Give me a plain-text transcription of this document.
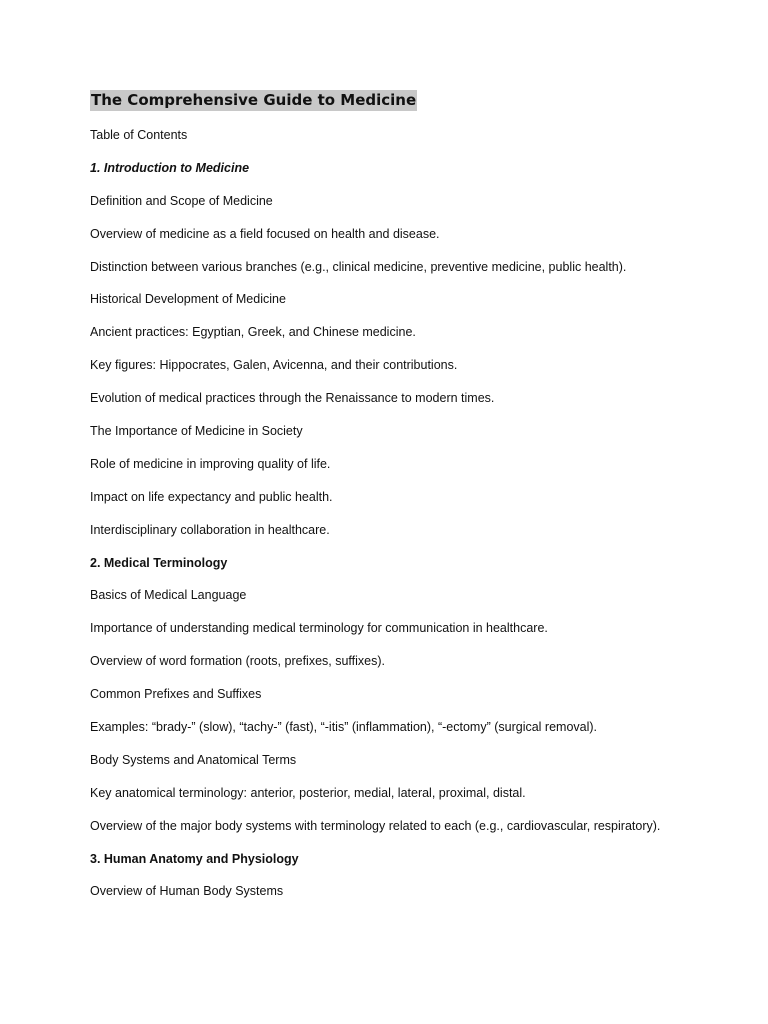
The Comprehensive Guide to Medicine
Table of Contents
1. Introduction to Medicine
Definition and Scope of Medicine
Overview of medicine as a field focused on health and disease.
Distinction between various branches (e.g., clinical medicine, preventive medicine, public health).
Historical Development of Medicine
Ancient practices: Egyptian, Greek, and Chinese medicine.
Key figures: Hippocrates, Galen, Avicenna, and their contributions.
Evolution of medical practices through the Renaissance to modern times.
The Importance of Medicine in Society
Role of medicine in improving quality of life.
Impact on life expectancy and public health.
Interdisciplinary collaboration in healthcare.
2. Medical Terminology
Basics of Medical Language
Importance of understanding medical terminology for communication in healthcare.
Overview of word formation (roots, prefixes, suffixes).
Common Prefixes and Suffixes
Examples: “brady-” (slow), “tachy-” (fast), “-itis” (inflammation), “-ectomy” (surgical removal).
Body Systems and Anatomical Terms
Key anatomical terminology: anterior, posterior, medial, lateral, proximal, distal.
Overview of the major body systems with terminology related to each (e.g., cardiovascular, respiratory).
3. Human Anatomy and Physiology
Overview of Human Body Systems
